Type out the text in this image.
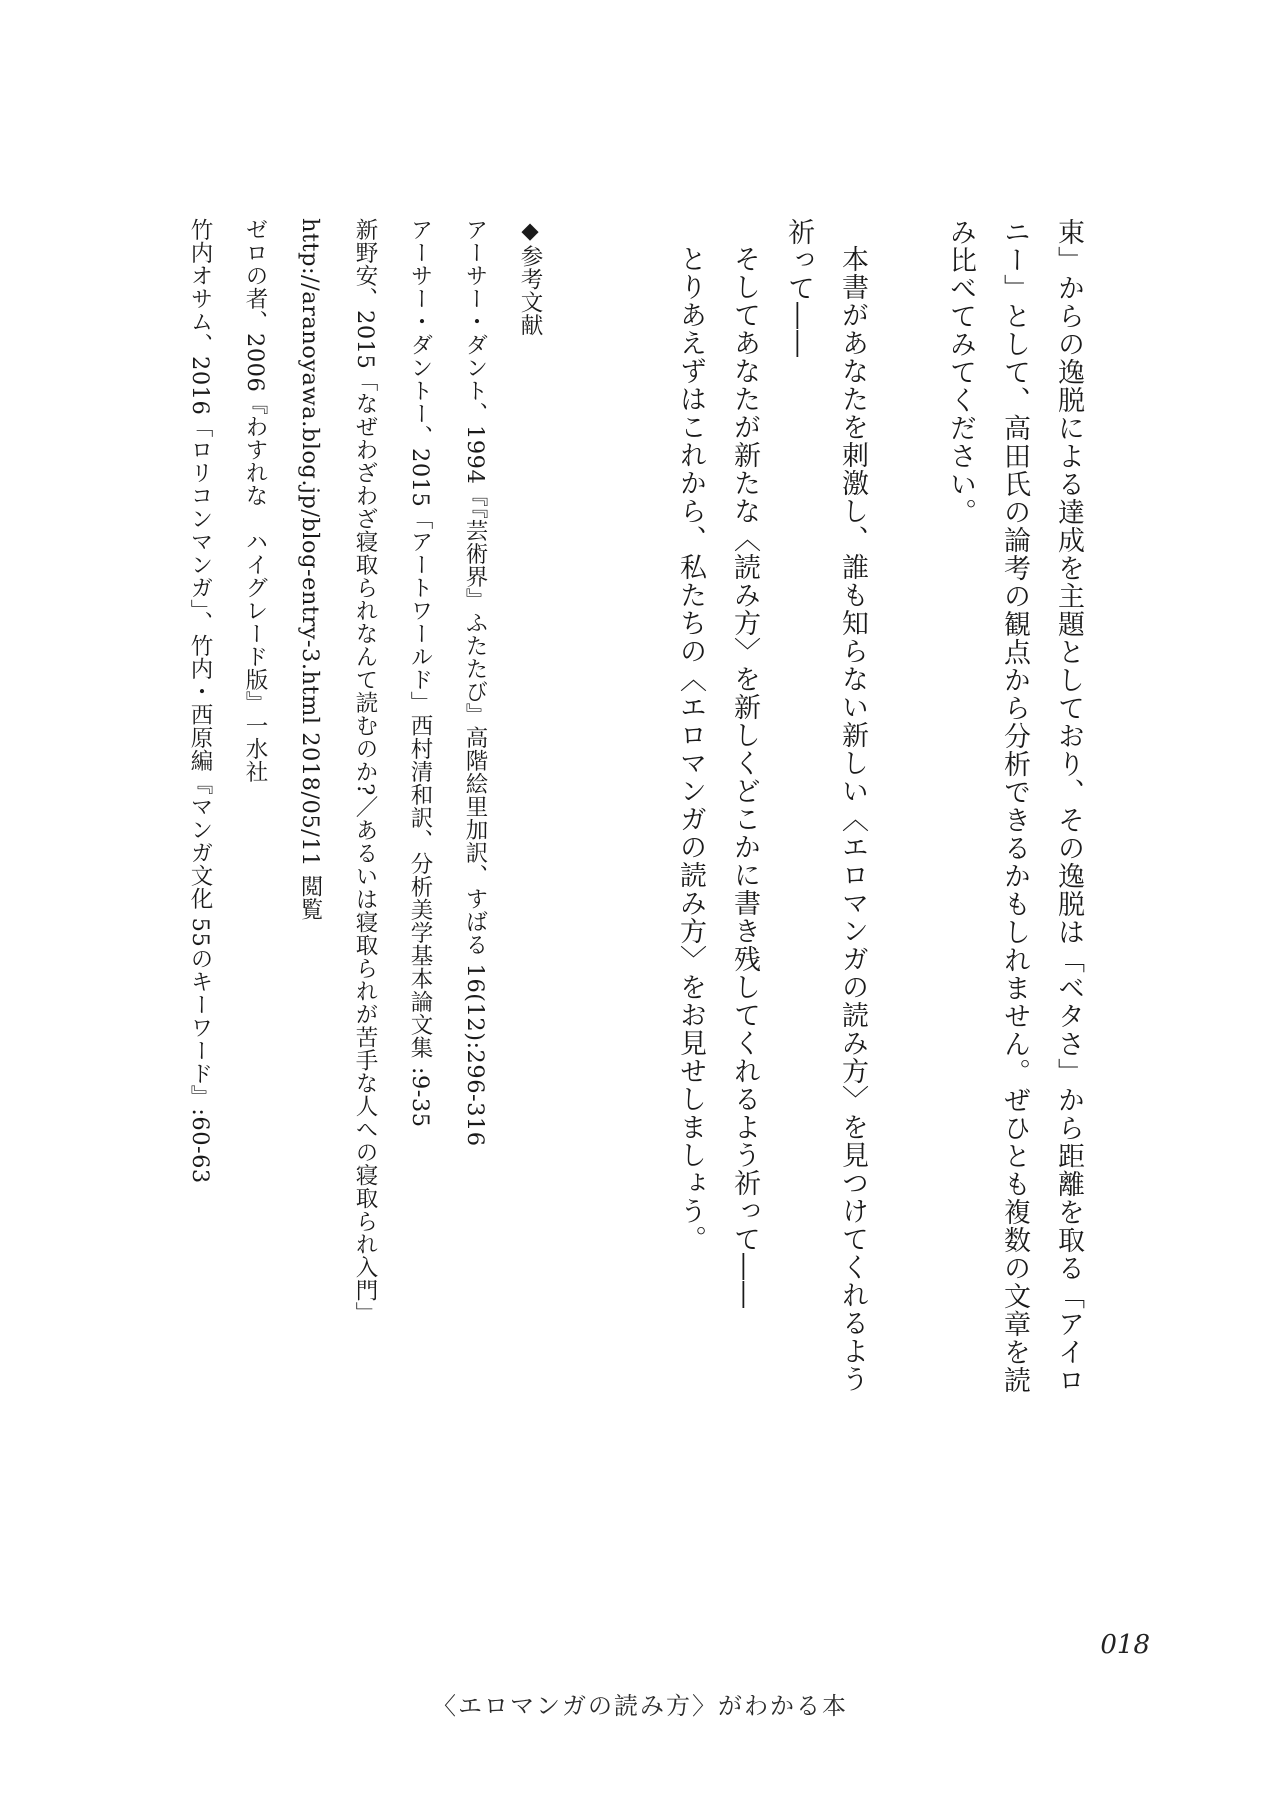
束」からの逸脱による達成を主題としており、その逸脱は「ベタさ」から距離を取る「アイロニー」として、高田氏の論考の観点から分析できるかもしれません。ぜひとも複数の文章を読み比べてみてください。

本書があなたを刺激し、誰も知らない新しい〈エロマンガの読み方〉を見つけてくれるよう祈って――

そしてあなたが新たな〈読み方〉を新しくどこかに書き残してくれるよう祈って――

とりあえずはこれから、私たちの〈エロマンガの読み方〉をお見せしましょう。

◆参考文献

アーサー・ダント、1994『『芸術界』ふたたび』高階絵里加訳、すばる 16(12):296-316

アーサー・ダントー、2015「アートワールド」西村清和訳、分析美学基本論文集 :9-35

新野安、2015「なぜわざわざ寝取られなんて読むのか?／あるいは寝取られが苦手な人への寝取られ入門」

http://aranoyawa.blog.jp/blog-entry-3.html 2018/05/11 閲覧

ゼロの者、2006『わすれな　ハイグレード版』一水社

竹内オサム、2016「ロリコンマンガ」、竹内・西原編『マンガ文化 55のキーワード』:60-63

018
〈エロマンガの読み方〉がわかる本
